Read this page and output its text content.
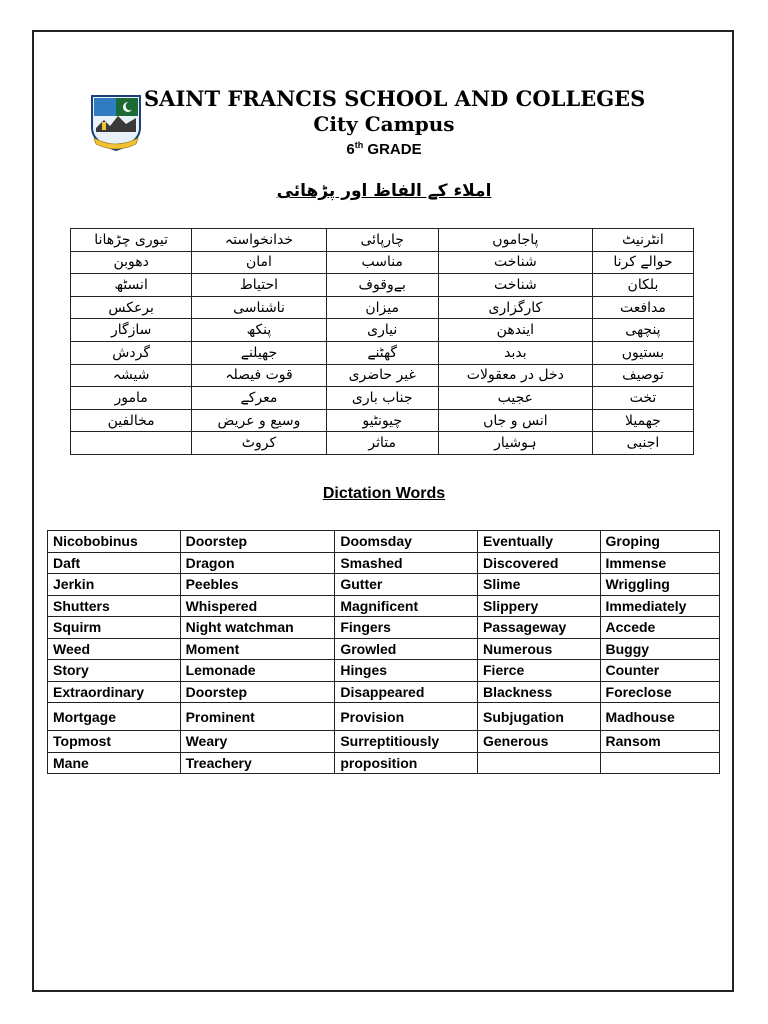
SAINT FRANCIS SCHOOL AND COLLEGES
City Campus
6th GRADE
املاء کے الفاظ اور پڑھائی
تیوری چڑھانا	خدانخواستہ	چارپائی	پاجاموں	انٹرنیٹ
دھوبن	امان	مناسب	شناخت	حوالے کرنا
انسٹھ	احتیاط	بےوقوف	شناخت	بلکان
برعکس	ناشناسی	میزان	کارگزاری	مدافعت
سازگار	پنکھ	نیاری	ایندھن	پنچھی
گردش	جھیلنے	گھٹنے	بدبد	بستیوں
شیشہ	قوت فیصلہ	غیر حاضری	دخل در معقولات	توصیف
مامور	معرکے	جناب باری	عجیب	تخت
مخالفین	وسیع و عریض	چیونٹیو	انس و جاں	جھمیلا
	کروٹ	متاثر	ہوشیار	اجنبی
Dictation Words
Nicobobinus	Doorstep	Doomsday	Eventually	Groping
Daft	Dragon	Smashed	Discovered	Immense
Jerkin	Peebles	Gutter	Slime	Wriggling
Shutters	Whispered	Magnificent	Slippery	Immediately
Squirm	Night watchman	Fingers	Passageway	Accede
Weed	Moment	Growled	Numerous	Buggy
Story	Lemonade	Hinges	Fierce	Counter
Extraordinary	Doorstep	Disappeared	Blackness	Foreclose
Mortgage	Prominent	Provision	Subjugation	Madhouse
Topmost	Weary	Surreptitiously	Generous	Ransom
Mane	Treachery	proposition		
